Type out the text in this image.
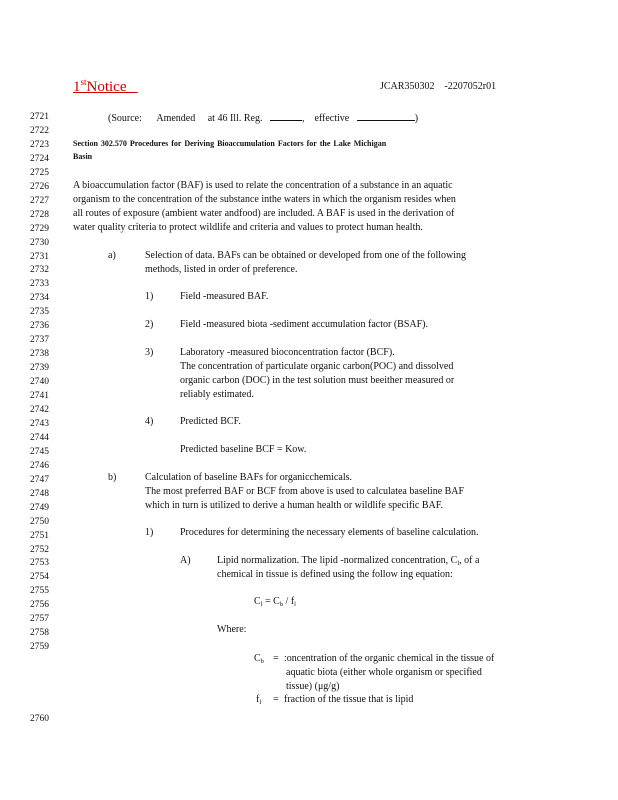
1stNotice	JCAR350302 -2207052r01
2721
2722
2723
2724
2725
2726
2727
2728
2729
2730
2731
2732
2733
2734
2735
2736
2737
2738
2739
2740
2741
2742
2743
2744
2745
2746
2747
2748
2749
2750
2751
2752
2753
2754
2755
2756
2757
2758
2759
2760
(Source: Amended at 46 Ill. Reg.	,    effective	)
Section 302.570 Procedures for Deriving Bioaccumulation Factors for the Lake Michigan
Basin
A bioaccumulation factor (BAF) is used to relate the concentration of a substance in an aquatic
organism to the concentration of the substance inthe waters in which the organism resides when
all routes of exposure (ambient water andfood) are included. A BAF is used in the derivation of
water quality criteria to protect wildlife and criteria and values to protect human health.
a)	Selection of data. BAFs can be obtained or developed from one of the following
methods, listed in order of preference.
1)	Field -measured BAF.
2)	Field -measured biota -sediment accumulation factor (BSAF).
3)	Laboratory -measured bioconcentration factor (BCF).
The concentration of particulate organic carbon(POC) and dissolved
organic carbon (DOC) in the test solution must beeither measured or
reliably estimated.
4)	Predicted BCF.
Predicted baseline BCF = Kow.
b)	Calculation of baseline BAFs for organicchemicals.
The most preferred BAF or BCF from above is used to calculatea baseline BAF
which in turn is utilized to derive a human health or wildlife specific BAF.
1)	Procedures for determining the necessary elements of baseline calculation.
A)	Lipid normalization. The lipid -normalized concentration, $C_l$, of a
chemical in tissue is defined using the follow ing equation:
$C_l = C_b / f_l$
Where:
$C_b$ = :oncentration of the organic chemical in the tissue of
aquatic biota (either whole organism or specified
tissue) (μg/g)
$f_l$ = fraction of the tissue that is lipid
